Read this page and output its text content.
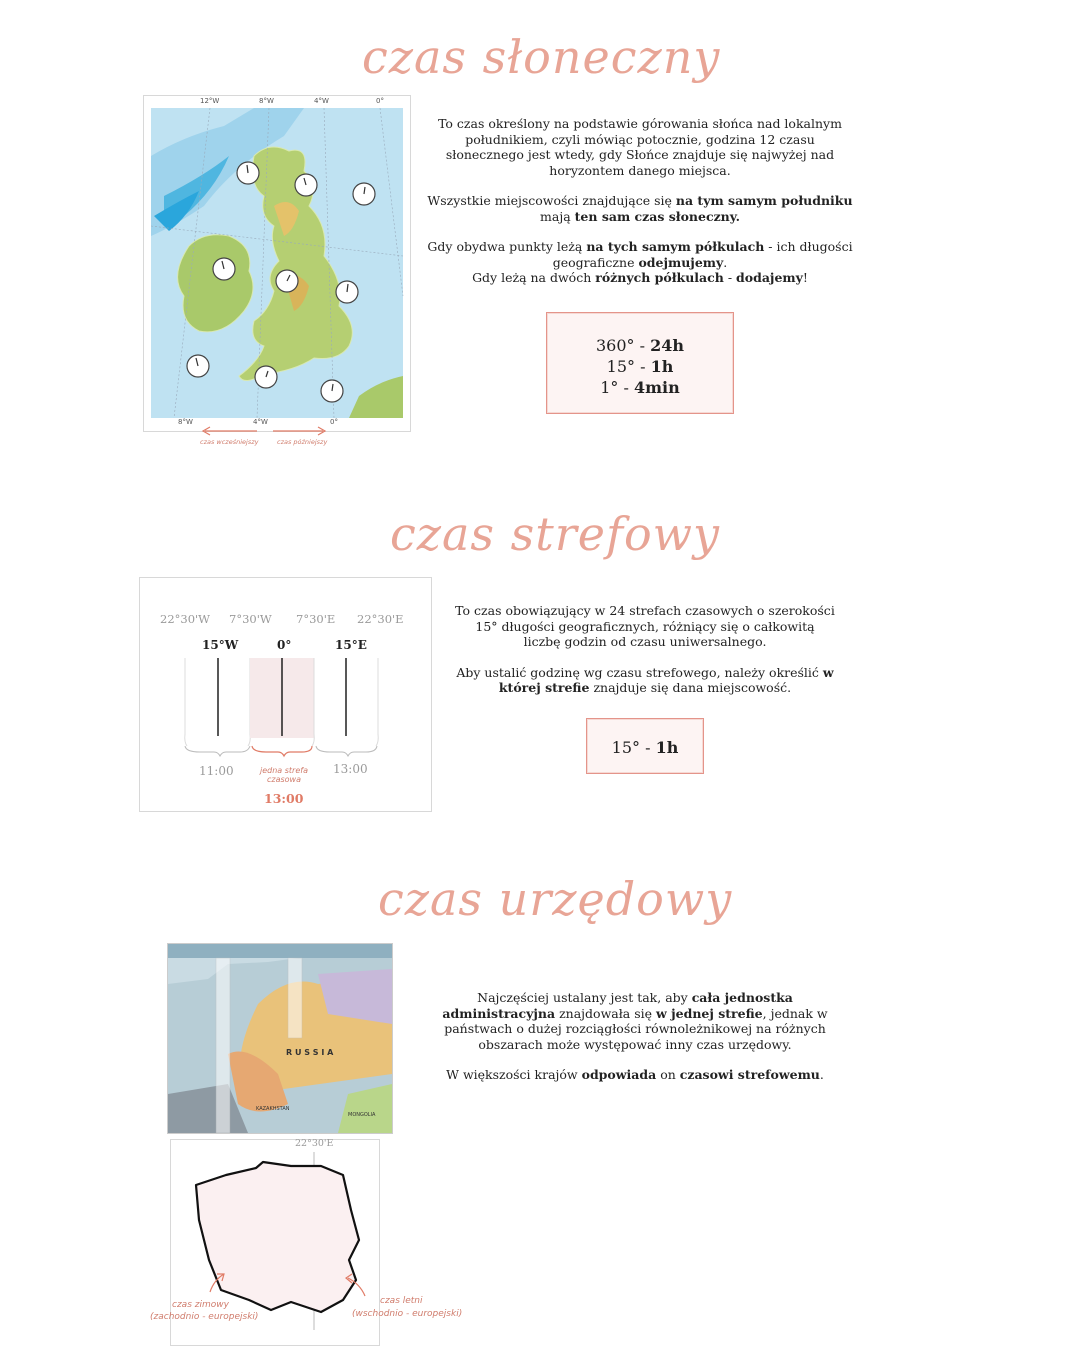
czas słoneczny
12°W	8°W	4°W	0°
8°W	4°W	0°
czas wcześniejszy	czas późniejszy

To czas określony na podstawie górowania słońca nad lokalnym południkiem, czyli mówiąc potocznie, godzina 12 czasu słonecznego jest wtedy, gdy Słońce znajduje się najwyżej nad horyzontem danego miejsca.

Wszystkie miejscowości znajdujące się na tym samym południku mają ten sam czas słoneczny.

Gdy obydwa punkty leżą na tych samym półkulach - ich długości geograficzne odejmujemy.
Gdy leżą na dwóch różnych półkulach - dodajemy!

360° - 24h
15° - 1h
1° - 4min
czas strefowy
22°30'W 7°30'W 7°30'E 22°30'E
15°W	0°	15°E
11:00	jedna strefa czasowa
13:00
13:00

To czas obowiązujący w 24 strefach czasowych o szerokości 15° długości geograficznych, różniący się o całkowitą liczbę godzin od czasu uniwersalnego.

Aby ustalić godzinę wg czasu strefowego, należy określić w której strefie znajduje się dana miejscowość.

15° - 1h
czas urzędowy
R U S S I A
KAZAKHSTAN
MONGOLIA
22°30'E
czas zimowy
(zachodnio - europejski)
czas letni
(wschodnio - europejski)

Najczęściej ustalany jest tak, aby cała jednostka administracyjna znajdowała się w jednej strefie, jednak w państwach o dużej rozciągłości równoleżnikowej na różnych obszarach może występować inny czas urzędowy.

W większości krajów odpowiada on czasowi strefowemu.
